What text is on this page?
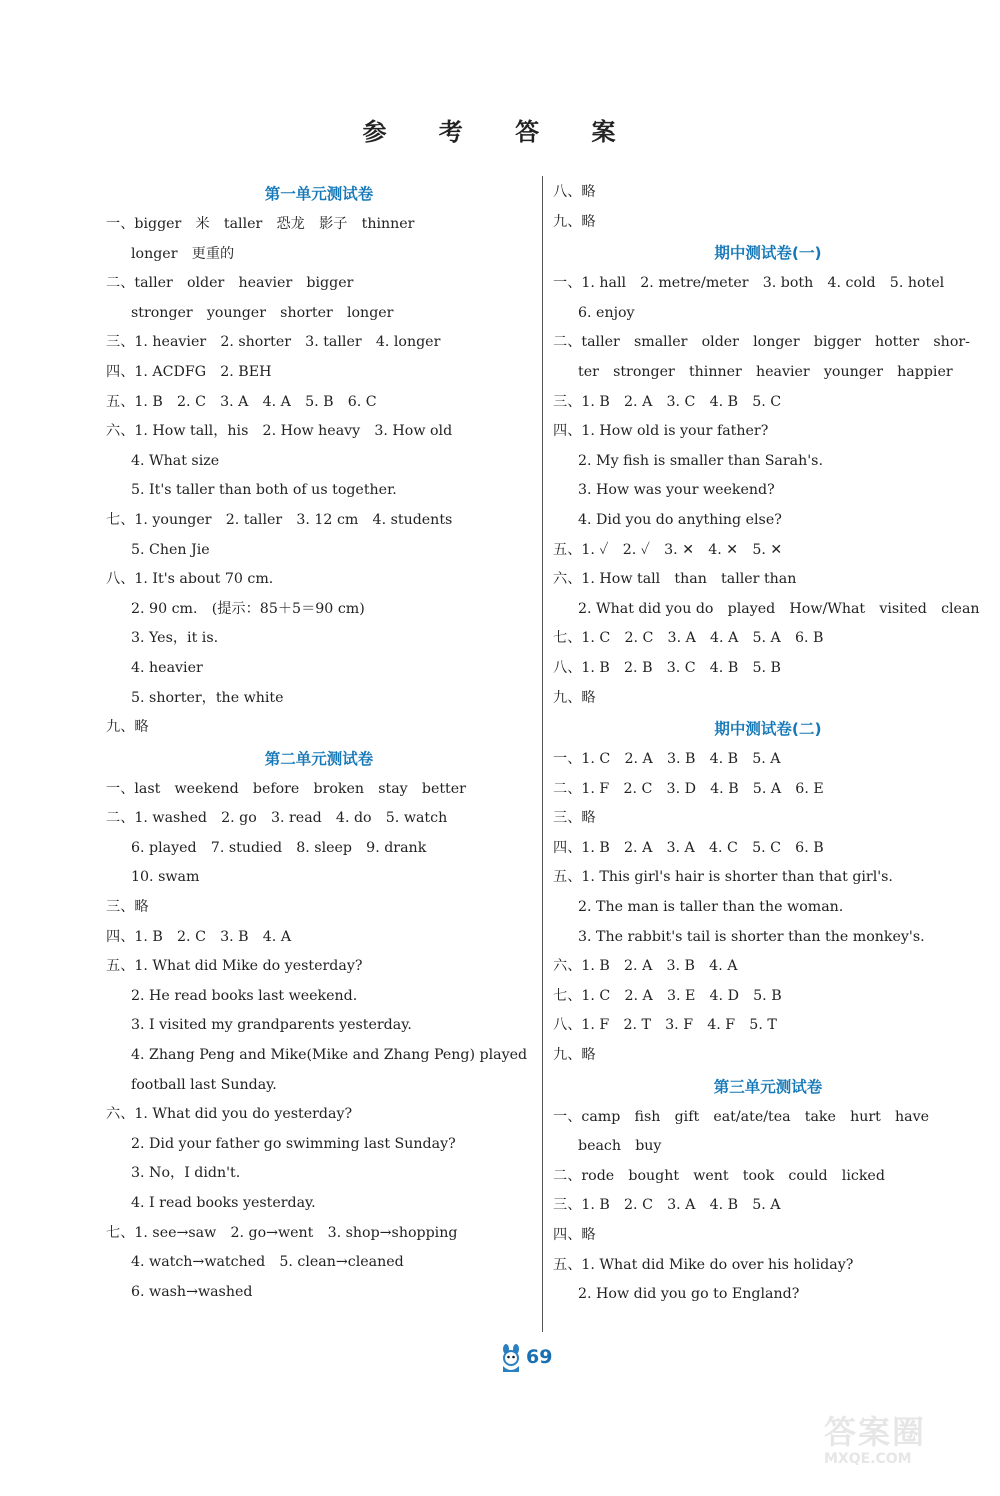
参 考 答 案
第一单元测试卷
一、bigger　米　taller　恐龙　影子　thinner
longer　更重的
二、taller　older　heavier　bigger
stronger　younger　shorter　longer
三、1. heavier　2. shorter　3. taller　4. longer
四、1. ACDFG　2. BEH
五、1. B　2. C　3. A　4. A　5. B　6. C
六、1. How tall，his　2. How heavy　3. How old
4. What size
5. It's taller than both of us together.
七、1. younger　2. taller　3. 12 cm　4. students
5. Chen Jie
八、1. It's about 70 cm.
2. 90 cm.　(提示：85＋5＝90 cm)
3. Yes，it is.
4. heavier
5. shorter，the white
九、略
第二单元测试卷
一、last　weekend　before　broken　stay　better
二、1. washed　2. go　3. read　4. do　5. watch
6. played　7. studied　8. sleep　9. drank
10. swam
三、略
四、1. B　2. C　3. B　4. A
五、1. What did Mike do yesterday?
2. He read books last weekend.
3. I visited my grandparents yesterday.
4. Zhang Peng and Mike(Mike and Zhang Peng) played
football last Sunday.
六、1. What did you do yesterday?
2. Did your father go swimming last Sunday?
3. No，I didn't.
4. I read books yesterday.
七、1. see→saw　2. go→went　3. shop→shopping
4. watch→watched　5. clean→cleaned
6. wash→washed
八、略
九、略
期中测试卷(一)
一、1. hall　2. metre/meter　3. both　4. cold　5. hotel
6. enjoy
二、taller　smaller　older　longer　bigger　hotter　shor-
ter　stronger　thinner　heavier　younger　happier
三、1. B　2. A　3. C　4. B　5. C
四、1. How old is your father?
2. My fish is smaller than Sarah's.
3. How was your weekend?
4. Did you do anything else?
五、1. ✓　2. ✓　3. ✕　4. ✕　5. ✕
六、1. How tall　than　taller than
2. What did you do　played　How/What　visited　clean
七、1. C　2. C　3. A　4. A　5. A　6. B
八、1. B　2. B　3. C　4. B　5. B
九、略
期中测试卷(二)
一、1. C　2. A　3. B　4. B　5. A
二、1. F　2. C　3. D　4. B　5. A　6. E
三、略
四、1. B　2. A　3. A　4. C　5. C　6. B
五、1. This girl's hair is shorter than that girl's.
2. The man is taller than the woman.
3. The rabbit's tail is shorter than the monkey's.
六、1. B　2. A　3. B　4. A
七、1. C　2. A　3. E　4. D　5. B
八、1. F　2. T　3. F　4. F　5. T
九、略
第三单元测试卷
一、camp　fish　gift　eat/ate/tea　take　hurt　have
beach　buy
二、rode　bought　went　took　could　licked
三、1. B　2. C　3. A　4. B　5. A
四、略
五、1. What did Mike do over his holiday?
2. How did you go to England?
69
答案圈
MXQE.COM
